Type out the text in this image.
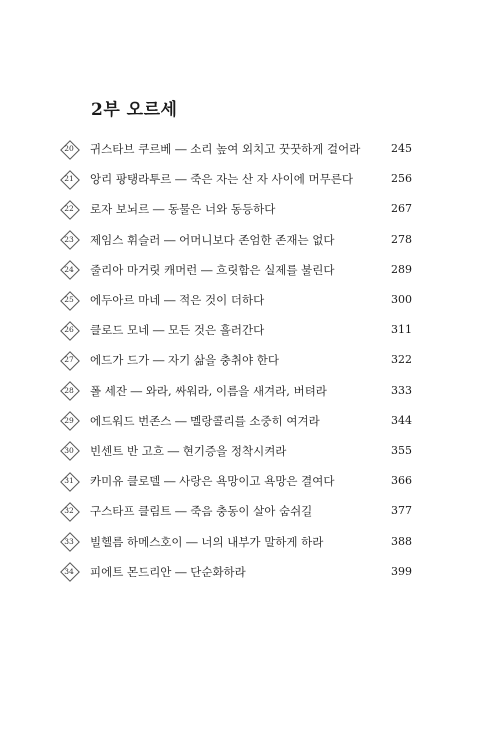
2부 오르세
20	귀스타브 쿠르베 ― 소리 높여 외치고 꿋꿋하게 걸어라	245
21	앙리 팡탱라투르 ― 죽은 자는 산 자 사이에 머무른다	256
22	로자 보뇌르 ― 동물은 너와 동등하다	267
23	제임스 휘슬러 ― 어머니보다 존엄한 존재는 없다	278
24	줄리아 마거릿 캐머런 ― 흐릿함은 실제를 불린다	289
25	에두아르 마네 ― 적은 것이 더하다	300
26	클로드 모네 ― 모든 것은 흘러간다	311
27	에드가 드가 ― 자기 삶을 충취야 한다	322
28	폴 세잔 ― 와라, 싸워라, 이름을 새겨라, 버텨라	333
29	에드워드 번존스 ― 멜랑콜리를 소중히 여겨라	344
30	빈센트 반 고흐 ― 현기증을 정착시켜라	355
31	카미유 클로델 ― 사랑은 욕망이고 욕망은 결여다	366
32	구스타프 클림트 ― 죽음 충동이 살아 숨쉬길	377
33	빌헬름 하메스호이 ― 너의 내부가 말하게 하라	388
34	피에트 몬드리안 ― 단순화하라	399
